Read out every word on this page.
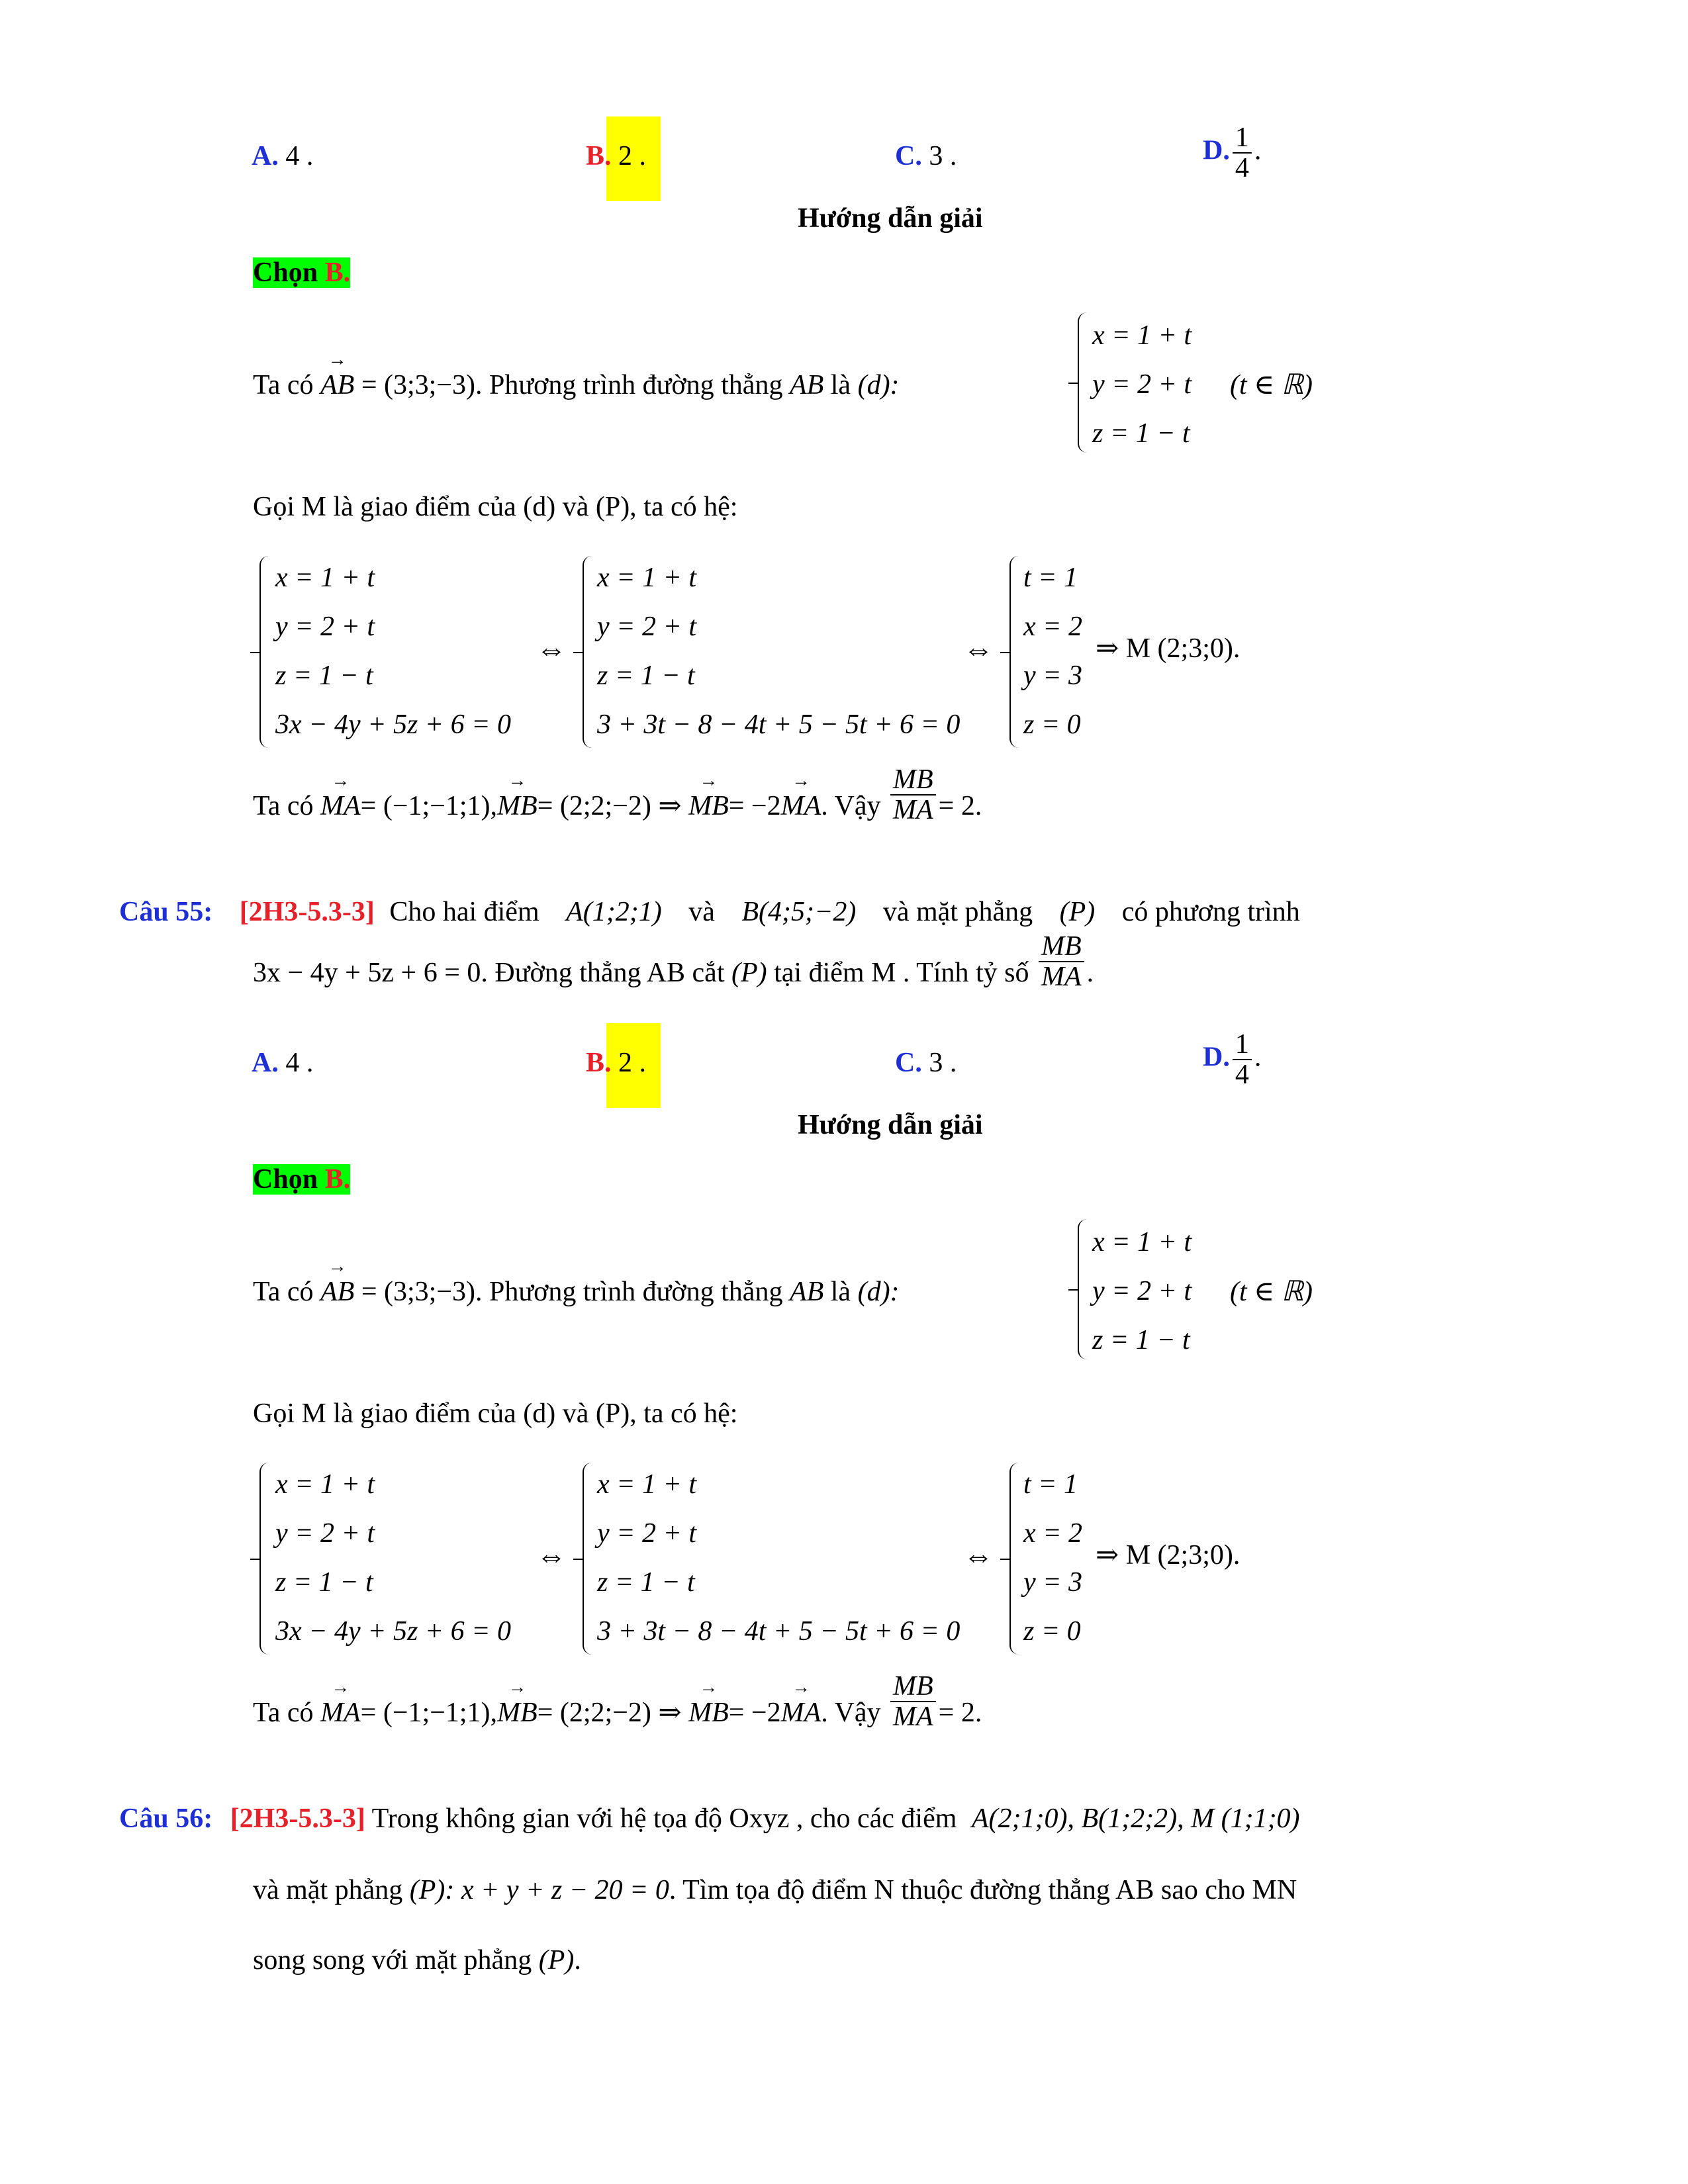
A. 4 .	B. 2 .	C. 3 .	D. $\frac{1}{4}$ .
Hướng dẫn giải
Chọn B.
Ta có → AB = (3;3;−3). Phương trình đường thẳng AB là (d):
x = 1 + t
y = 2 + t
z = 1 − t
(t ∈ ℝ)
Gọi M là giao điểm của (d) và (P), ta có hệ:
x = 1 + t
y = 2 + t
z = 1 − t
3x − 4y + 5z + 6 = 0
⇔
x = 1 + t
y = 2 + t
z = 1 − t
3 + 3t − 8 − 4t + 5 − 5t + 6 = 0
⇔
t = 1
x = 2
y = 3
z = 0
⇒ M (2;3;0).
Ta có → MA= (−1;−1;1),→ MB= (2;2;−2) ⇒ → MB= −2→ MA. Vậy $\frac{MB}{MA} = 2$.
Câu 55: [2H3-5.3-3] Cho hai điểm A(1;2;1) và B(4;5;−2) và mặt phẳng (P) có phương trình
3x − 4y + 5z + 6 = 0. Đường thẳng AB cắt (P) tại điểm M . Tính tỷ số $\frac{MB}{MA}$ .
A. 4 .	B. 2 .	C. 3 .	D. $\frac{1}{4}$ .
Hướng dẫn giải
Chọn B.
Ta có → AB = (3;3;−3). Phương trình đường thẳng AB là (d):
x = 1 + t
y = 2 + t
z = 1 − t
(t ∈ ℝ)
Gọi M là giao điểm của (d) và (P), ta có hệ:
x = 1 + t
y = 2 + t
z = 1 − t
3x − 4y + 5z + 6 = 0
⇔
x = 1 + t
y = 2 + t
z = 1 − t
3 + 3t − 8 − 4t + 5 − 5t + 6 = 0
⇔
t = 1
x = 2
y = 3
z = 0
⇒ M (2;3;0).
Ta có → MA= (−1;−1;1),→ MB= (2;2;−2) ⇒ → MB= −2→ MA. Vậy $\frac{MB}{MA} = 2$.
Câu 56: [2H3-5.3-3] Trong không gian với hệ tọa độ Oxyz , cho các điểm A(2;1;0), B(1;2;2), M (1;1;0)
và mặt phẳng (P): x + y + z − 20 = 0. Tìm tọa độ điểm N thuộc đường thẳng AB sao cho MN
song song với mặt phẳng (P).
